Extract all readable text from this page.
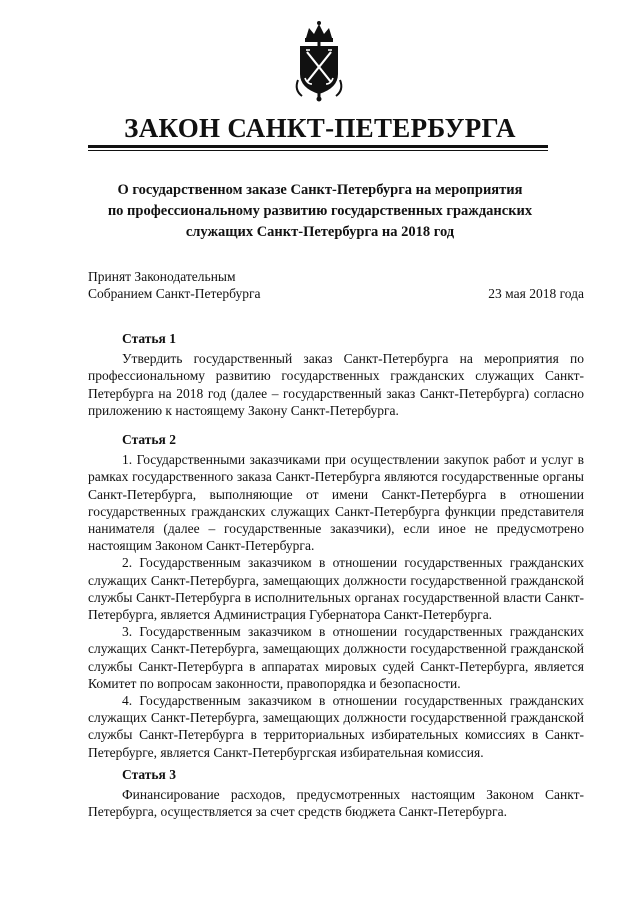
ЗАКОН САНКТ-ПЕТЕРБУРГА
О государственном заказе Санкт-Петербурга на мероприятия
по профессиональному развитию государственных гражданских
служащих Санкт-Петербурга на 2018 год
Принят Законодательным
Собранием Санкт-Петербурга	23 мая 2018 года
Статья 1

Утвердить государственный заказ Санкт-Петербурга на мероприятия по профессиональному развитию государственных гражданских служащих Санкт-Петербурга на 2018 год (далее – государственный заказ Санкт-Петербурга) согласно приложению к настоящему Закону Санкт-Петербурга.

Статья 2

1. Государственными заказчиками при осуществлении закупок работ и услуг в рамках государственного заказа Санкт-Петербурга являются государственные органы Санкт-Петербурга, выполняющие от имени Санкт-Петербурга в отношении государственных гражданских служащих Санкт-Петербурга функции представителя нанимателя (далее – государственные заказчики), если иное не предусмотрено настоящим Законом Санкт-Петербурга.

2. Государственным заказчиком в отношении государственных гражданских служащих Санкт-Петербурга, замещающих должности государственной гражданской службы Санкт-Петербурга в исполнительных органах государственной власти Санкт-Петербурга, является Администрация Губернатора Санкт-Петербурга.

3. Государственным заказчиком в отношении государственных гражданских служащих Санкт-Петербурга, замещающих должности государственной гражданской службы Санкт-Петербурга в аппаратах мировых судей Санкт-Петербурга, является Комитет по вопросам законности, правопорядка и безопасности.

4. Государственным заказчиком в отношении государственных гражданских служащих Санкт-Петербурга, замещающих должности государственной гражданской службы Санкт-Петербурга в территориальных избирательных комиссиях в Санкт-Петербурге, является Санкт-Петербургская избирательная комиссия.

Статья 3

Финансирование расходов, предусмотренных настоящим Законом Санкт-Петербурга, осуществляется за счет средств бюджета Санкт-Петербурга.
